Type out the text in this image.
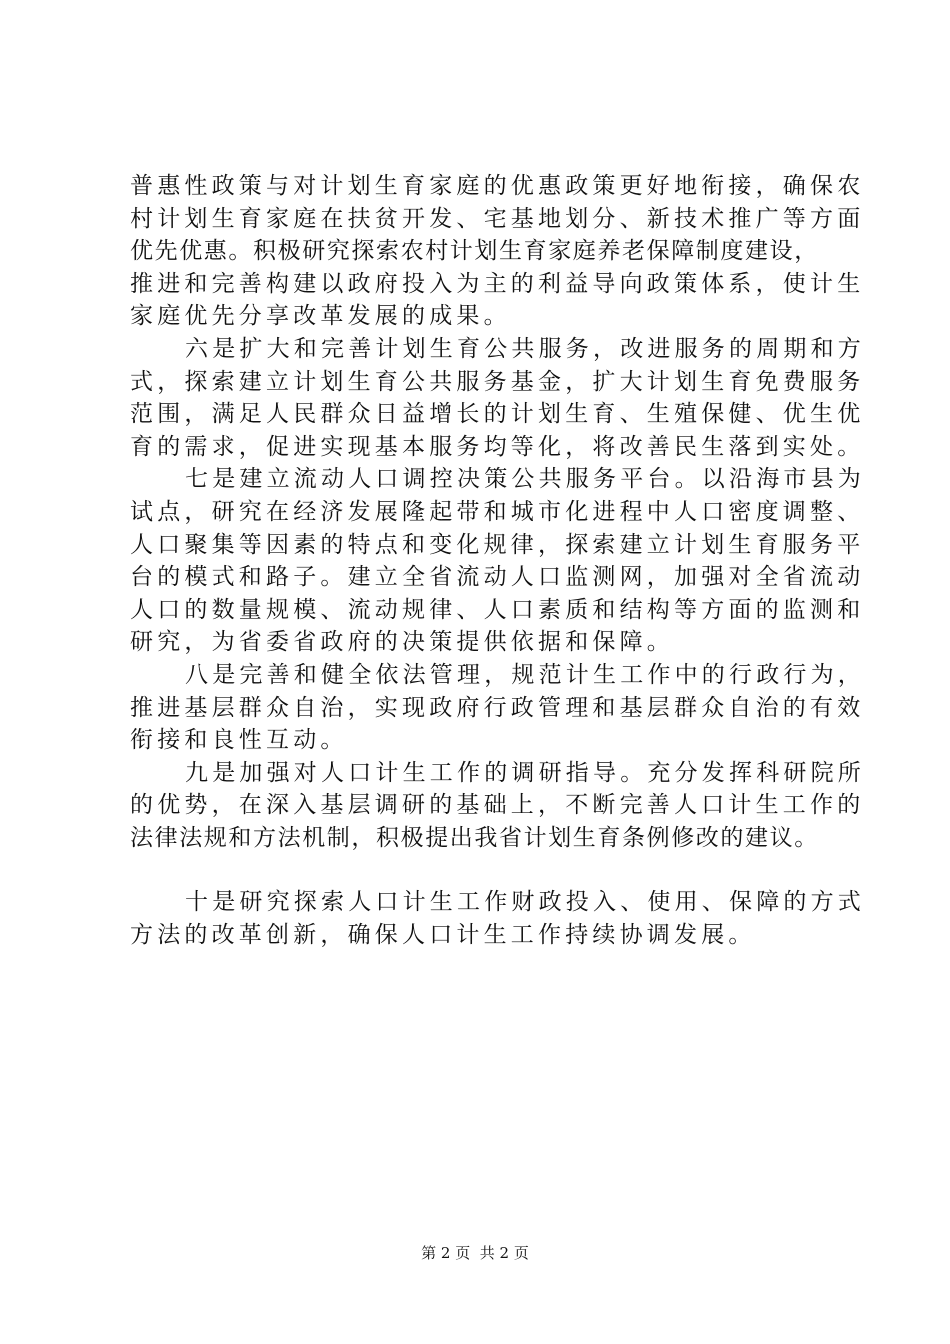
普惠性政策与对计划生育家庭的优惠政策更好地衔接，确保农
村计划生育家庭在扶贫开发、宅基地划分、新技术推广等方面
优先优惠。积极研究探索农村计划生育家庭养老保障制度建设，
推进和完善构建以政府投入为主的利益导向政策体系，使计生
家庭优先分享改革发展的成果。
六是扩大和完善计划生育公共服务，改进服务的周期和方
式，探索建立计划生育公共服务基金，扩大计划生育免费服务
范围，满足人民群众日益增长的计划生育、生殖保健、优生优
育的需求，促进实现基本服务均等化，将改善民生落到实处。
七是建立流动人口调控决策公共服务平台。以沿海市县为
试点，研究在经济发展隆起带和城市化进程中人口密度调整、
人口聚集等因素的特点和变化规律，探索建立计划生育服务平
台的模式和路子。建立全省流动人口监测网，加强对全省流动
人口的数量规模、流动规律、人口素质和结构等方面的监测和
研究，为省委省政府的决策提供依据和保障。
八是完善和健全依法管理，规范计生工作中的行政行为，
推进基层群众自治，实现政府行政管理和基层群众自治的有效
衔接和良性互动。
九是加强对人口计生工作的调研指导。充分发挥科研院所
的优势，在深入基层调研的基础上，不断完善人口计生工作的
法律法规和方法机制，积极提出我省计划生育条例修改的建议。
十是研究探索人口计生工作财政投入、使用、保障的方式
方法的改革创新，确保人口计生工作持续协调发展。
第 2 页  共 2 页
